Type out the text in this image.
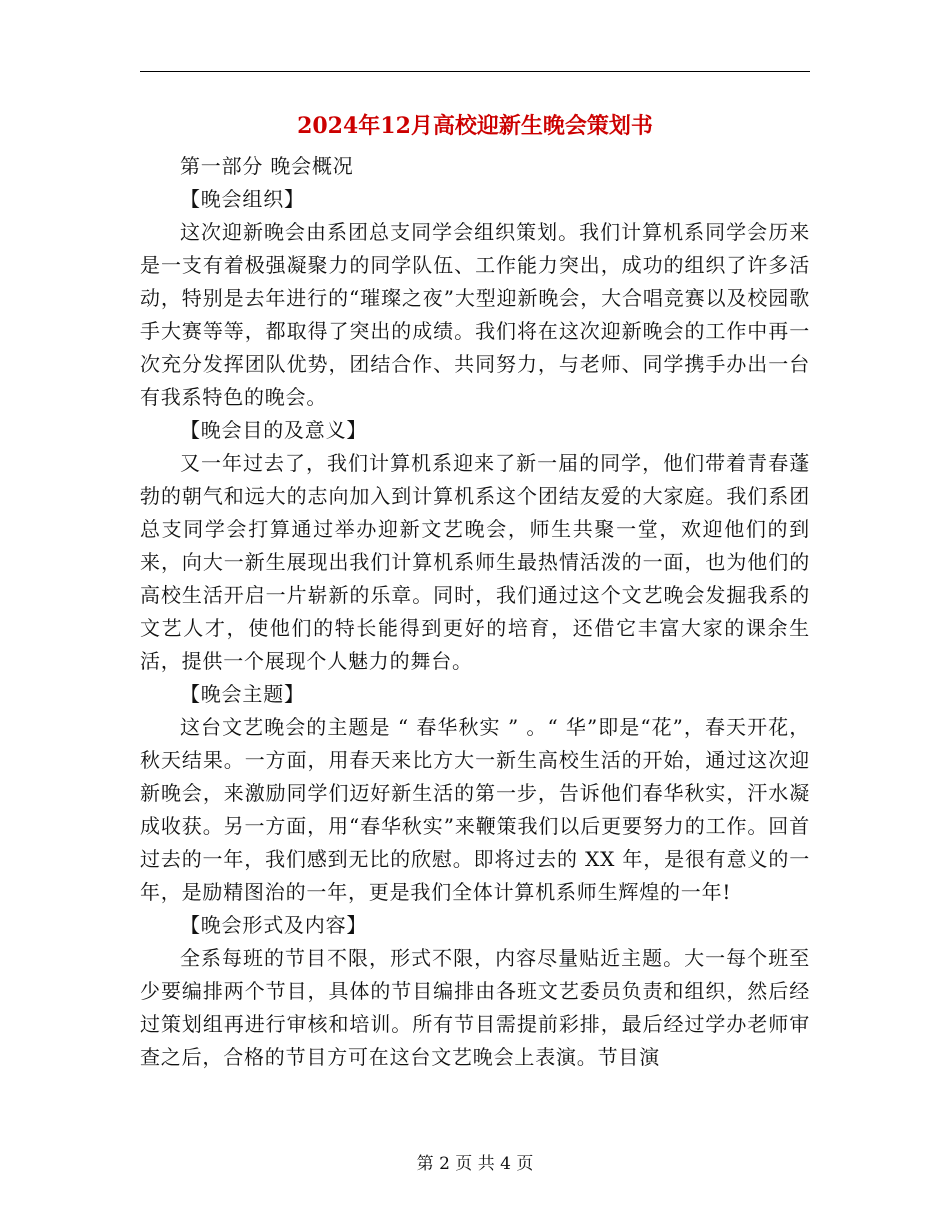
2024年12月高校迎新生晚会策划书

第一部分 晚会概况

【晚会组织】

这次迎新晚会由系团总支同学会组织策划。我们计算机系同学会历来是一支有着极强凝聚力的同学队伍、工作能力突出，成功的组织了许多活动，特别是去年进行的“璀璨之夜”大型迎新晚会，大合唱竞赛以及校园歌手大赛等等，都取得了突出的成绩。我们将在这次迎新晚会的工作中再一次充分发挥团队优势，团结合作、共同努力，与老师、同学携手办出一台有我系特色的晚会。

【晚会目的及意义】

又一年过去了，我们计算机系迎来了新一届的同学，他们带着青春蓬勃的朝气和远大的志向加入到计算机系这个团结友爱的大家庭。我们系团总支同学会打算通过举办迎新文艺晚会，师生共聚一堂，欢迎他们的到来，向大一新生展现出我们计算机系师生最热情活泼的一面，也为他们的高校生活开启一片崭新的乐章。同时，我们通过这个文艺晚会发掘我系的文艺人才，使他们的特长能得到更好的培育，还借它丰富大家的课余生活，提供一个展现个人魅力的舞台。

【晚会主题】

这台文艺晚会的主题是 “ 春华秋实 ” 。“ 华”即是“花”，春天开花，秋天结果。一方面，用春天来比方大一新生高校生活的开始，通过这次迎新晚会，来激励同学们迈好新生活的第一步，告诉他们春华秋实，汗水凝成收获。另一方面，用“春华秋实”来鞭策我们以后更要努力的工作。回首过去的一年，我们感到无比的欣慰。即将过去的 XX 年，是很有意义的一年，是励精图治的一年，更是我们全体计算机系师生辉煌的一年!

【晚会形式及内容】

全系每班的节目不限，形式不限，内容尽量贴近主题。大一每个班至少要编排两个节目，具体的节目编排由各班文艺委员负责和组织，然后经过策划组再进行审核和培训。所有节目需提前彩排，最后经过学办老师审查之后，合格的节目方可在这台文艺晚会上表演。节目演

第 2 页 共 4 页
